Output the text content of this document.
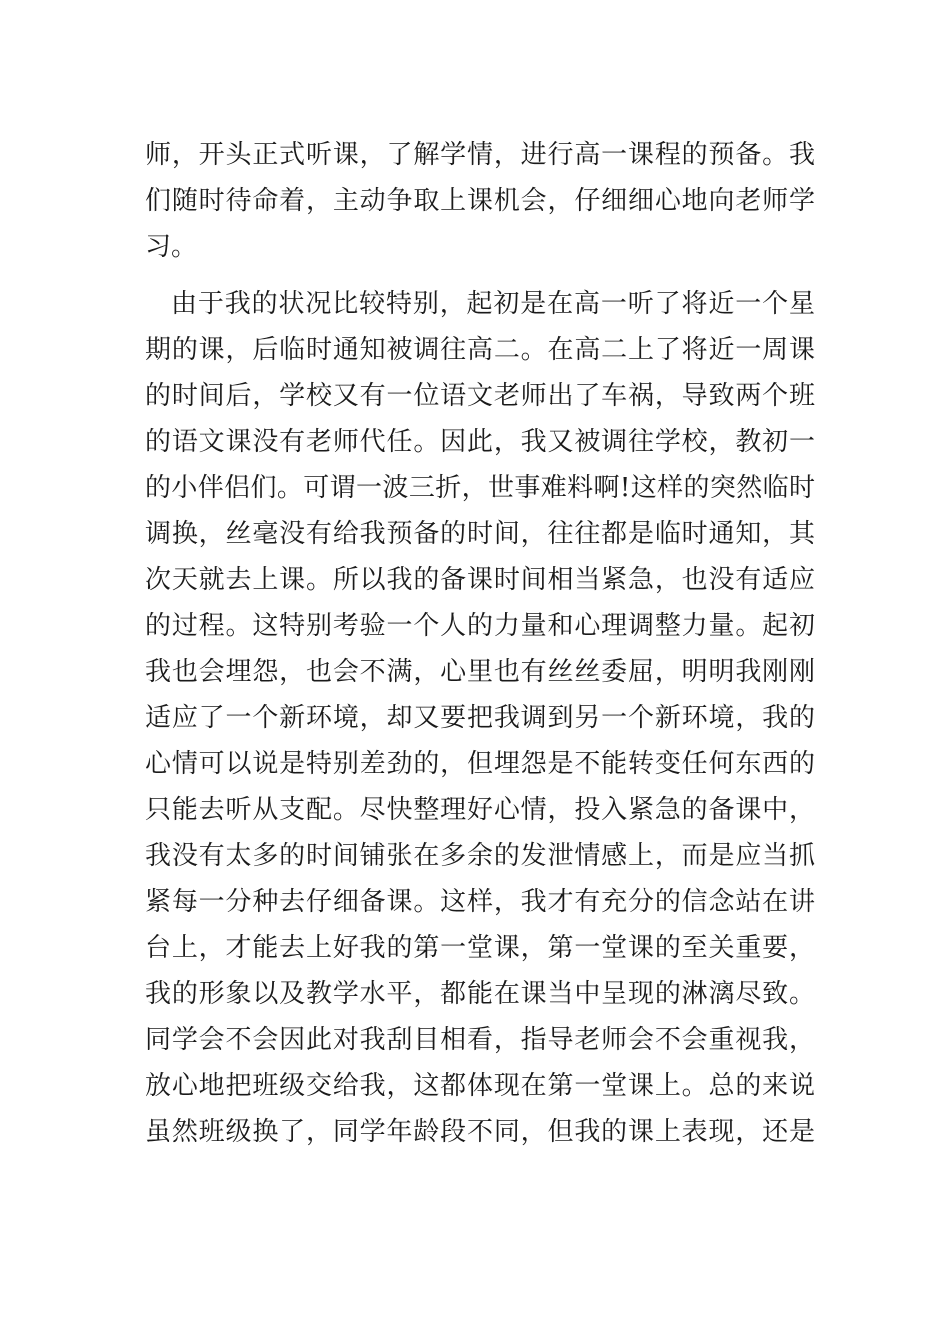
师，开头正式听课，了解学情，进行高一课程的预备。我
们随时待命着，主动争取上课机会，仔细细心地向老师学
习。
由于我的状况比较特别，起初是在高一听了将近一个星
期的课，后临时通知被调往高二。在高二上了将近一周课
的时间后，学校又有一位语文老师出了车祸，导致两个班
的语文课没有老师代任。因此，我又被调往学校，教初一
的小伴侣们。可谓一波三折，世事难料啊!这样的突然临时
调换，丝毫没有给我预备的时间，往往都是临时通知，其
次天就去上课。所以我的备课时间相当紧急，也没有适应
的过程。这特别考验一个人的力量和心理调整力量。起初
我也会埋怨，也会不满，心里也有丝丝委屈，明明我刚刚
适应了一个新环境，却又要把我调到另一个新环境，我的
心情可以说是特别差劲的，但埋怨是不能转变任何东西的
只能去听从支配。尽快整理好心情，投入紧急的备课中，
我没有太多的时间铺张在多余的发泄情感上，而是应当抓
紧每一分种去仔细备课。这样，我才有充分的信念站在讲
台上，才能去上好我的第一堂课，第一堂课的至关重要，
我的形象以及教学水平，都能在课当中呈现的淋漓尽致。
同学会不会因此对我刮目相看，指导老师会不会重视我，
放心地把班级交给我，这都体现在第一堂课上。总的来说
虽然班级换了，同学年龄段不同，但我的课上表现，还是
